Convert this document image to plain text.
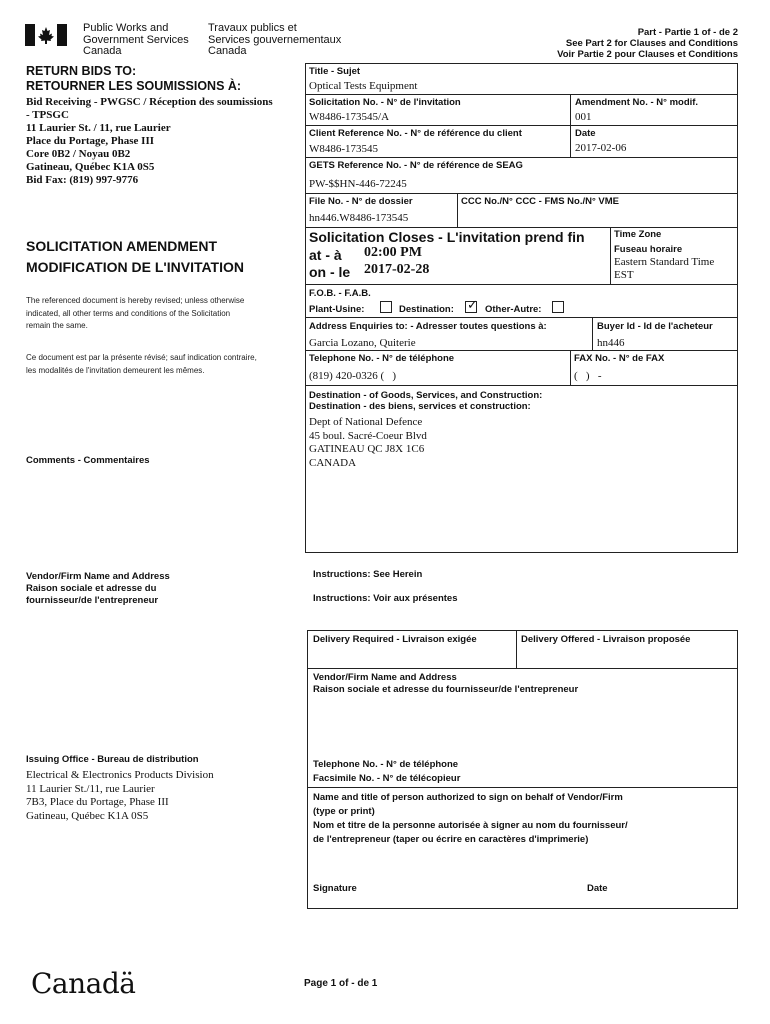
Public Works and
Government Services
Canada
Travaux publics et
Services gouvernementaux
Canada
Part - Partie 1 of - de 2
See Part 2 for Clauses and Conditions
Voir Partie 2 pour Clauses et Conditions
RETURN BIDS TO:
RETOURNER LES SOUMISSIONS À:
Bid Receiving - PWGSC / Réception des soumissions
- TPSGC
11 Laurier St. / 11, rue Laurier
Place du Portage, Phase III
Core 0B2 / Noyau 0B2
Gatineau, Québec K1A 0S5
Bid Fax: (819) 997-9776
SOLICITATION AMENDMENT
MODIFICATION DE L'INVITATION
The referenced document is hereby revised; unless otherwise
indicated, all other terms and conditions of the Solicitation
remain the same.
Ce document est par la présente révisé; sauf indication contraire,
les modalités de l'invitation demeurent les mêmes.
Comments - Commentaires
Vendor/Firm Name and Address
Raison sociale et adresse du
fournisseur/de l'entrepreneur
Issuing Office - Bureau de distribution
Electrical & Electronics Products Division
11 Laurier St./11, rue Laurier
7B3, Place du Portage, Phase III
Gatineau, Québec K1A 0S5
Title - Sujet
Optical Tests Equipment
Solicitation No. - N° de l'invitation
W8486-173545/A
Amendment No. - N° modif.
001
Client Reference No. - N° de référence du client
W8486-173545
Date
2017-02-06
GETS Reference No. - N° de référence de SEAG
PW-$$HN-446-72245
File No. - N° de dossier
hn446.W8486-173545
CCC No./N° CCC - FMS No./N° VME
Solicitation Closes - L'invitation prend fin
at - à 02:00 PM
on - le 2017-02-28
Time Zone
Fuseau horaire
Eastern Standard Time
EST
F.O.B. - F.A.B.
Plant-Usine:	Destination: ✓ Other-Autre:
Address Enquiries to: - Adresser toutes questions à:
Garcia Lozano, Quiterie
Buyer Id - Id de l'acheteur
hn446
Telephone No. - N° de téléphone
(819) 420-0326 (   )
FAX No. - N° de FAX
(   )   -
Destination - of Goods, Services, and Construction:
Destination - des biens, services et construction:
Dept of National Defence
45 boul. Sacré-Coeur Blvd
GATINEAU QC J8X 1C6
CANADA
Instructions: See Herein
Instructions: Voir aux présentes
Delivery Required - Livraison exigée	Delivery Offered - Livraison proposée
Vendor/Firm Name and Address
Raison sociale et adresse du fournisseur/de l'entrepreneur
Telephone No. - N° de téléphone
Facsimile No. - N° de télécopieur
Name and title of person authorized to sign on behalf of Vendor/Firm
(type or print)
Nom et titre de la personne autorisée à signer au nom du fournisseur/
de l'entrepreneur (taper ou écrire en caractères d'imprimerie)
Signature	Date
Canadä	Page 1 of - de 1
